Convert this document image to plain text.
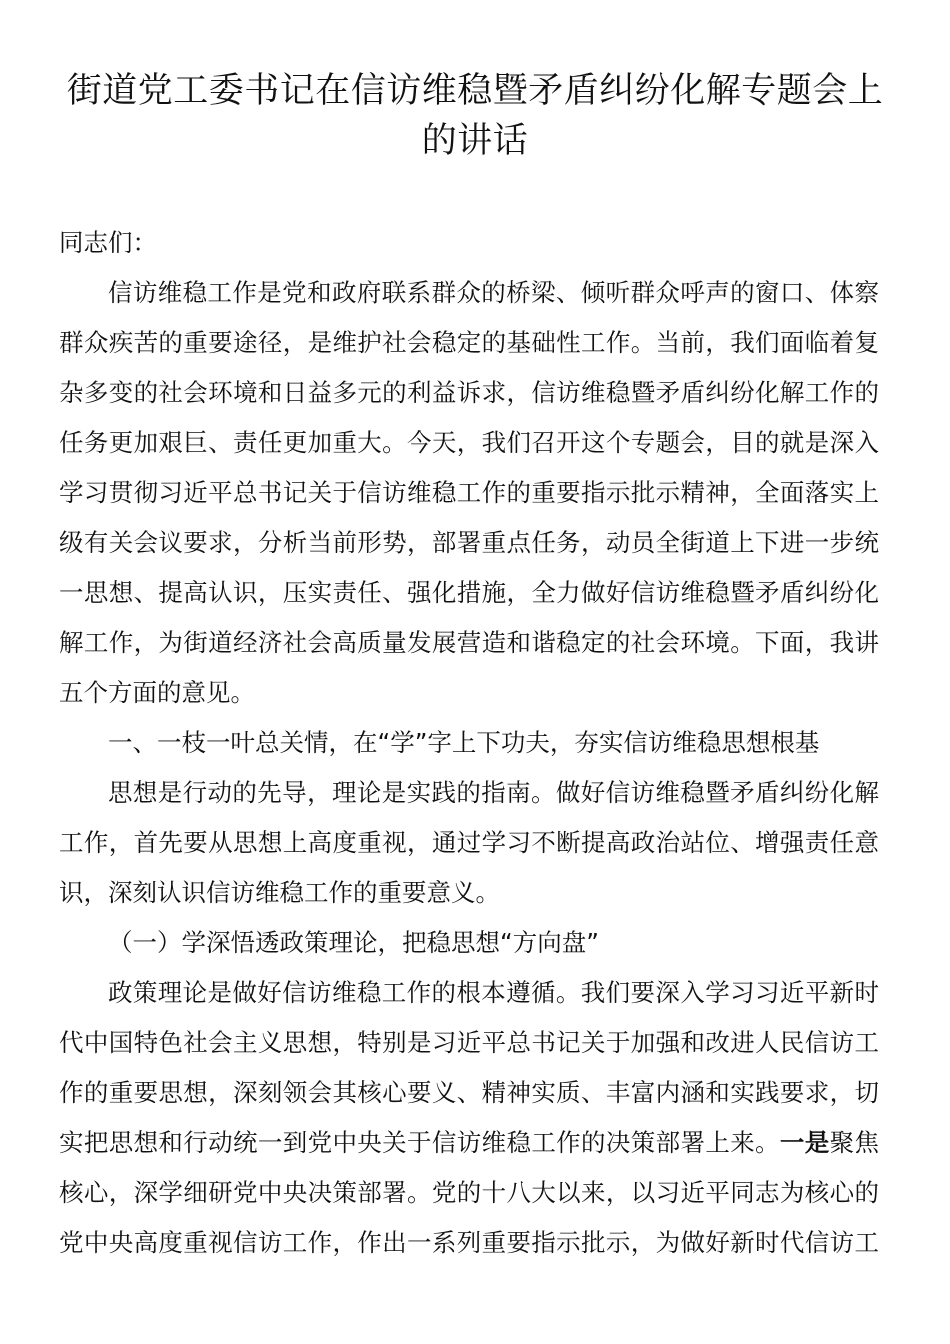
街道党工委书记在信访维稳暨矛盾纠纷化解专题会上
的讲话
同志们：
信访维稳工作是党和政府联系群众的桥梁、倾听群众呼声的窗口、体察
群众疾苦的重要途径，是维护社会稳定的基础性工作。当前，我们面临着复
杂多变的社会环境和日益多元的利益诉求，信访维稳暨矛盾纠纷化解工作的
任务更加艰巨、责任更加重大。今天，我们召开这个专题会，目的就是深入
学习贯彻习近平总书记关于信访维稳工作的重要指示批示精神，全面落实上
级有关会议要求，分析当前形势，部署重点任务，动员全街道上下进一步统
一思想、提高认识，压实责任、强化措施，全力做好信访维稳暨矛盾纠纷化
解工作，为街道经济社会高质量发展营造和谐稳定的社会环境。下面，我讲
五个方面的意见。
一、一枝一叶总关情，在“学”字上下功夫，夯实信访维稳思想根基
思想是行动的先导，理论是实践的指南。做好信访维稳暨矛盾纠纷化解
工作，首先要从思想上高度重视，通过学习不断提高政治站位、增强责任意
识，深刻认识信访维稳工作的重要意义。
（一）学深悟透政策理论，把稳思想“方向盘”
政策理论是做好信访维稳工作的根本遵循。我们要深入学习习近平新时
代中国特色社会主义思想，特别是习近平总书记关于加强和改进人民信访工
作的重要思想，深刻领会其核心要义、精神实质、丰富内涵和实践要求，切
实把思想和行动统一到党中央关于信访维稳工作的决策部署上来。一是聚焦
核心，深学细研党中央决策部署。党的十八大以来，以习近平同志为核心的
党中央高度重视信访工作，作出一系列重要指示批示，为做好新时代信访工
